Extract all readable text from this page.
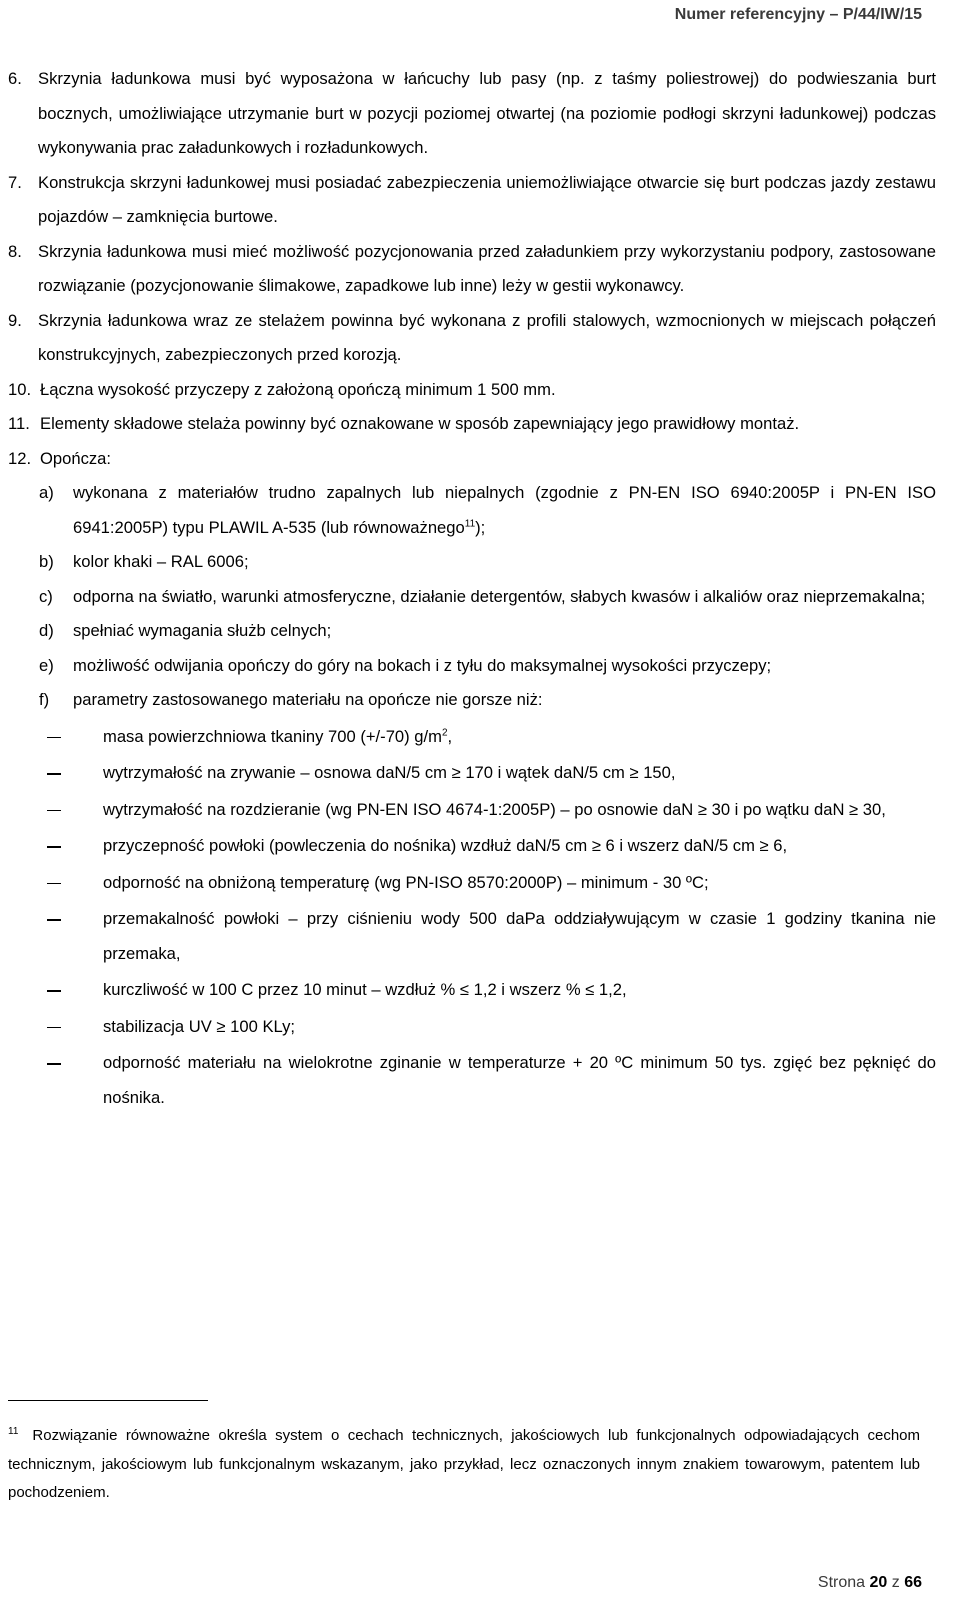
Numer referencyjny – P/44/IW/15
6. Skrzynia ładunkowa musi być wyposażona w łańcuchy lub pasy (np. z taśmy poliestrowej) do podwieszania burt bocznych, umożliwiające utrzymanie burt w pozycji poziomej otwartej (na poziomie podłogi skrzyni ładunkowej) podczas wykonywania prac załadunkowych i rozładunkowych.
7. Konstrukcja skrzyni ładunkowej musi posiadać zabezpieczenia uniemożliwiające otwarcie się burt podczas jazdy zestawu pojazdów – zamknięcia burtowe.
8. Skrzynia ładunkowa musi mieć możliwość pozycjonowania przed załadunkiem przy wykorzystaniu podpory, zastosowane rozwiązanie (pozycjonowanie ślimakowe, zapadkowe lub inne) leży w gestii wykonawcy.
9. Skrzynia ładunkowa wraz ze stelażem powinna być wykonana z profili stalowych, wzmocnionych w miejscach połączeń konstrukcyjnych, zabezpieczonych przed korozją.
10. Łączna wysokość przyczepy z założoną opończą minimum 1 500 mm.
11. Elementy składowe stelaża powinny być oznakowane w sposób zapewniający jego prawidłowy montaż.
12. Opończa:
a)	wykonana z materiałów trudno zapalnych lub niepalnych (zgodnie z PN-EN ISO 6940:2005P i PN-EN ISO 6941:2005P) typu PLAWIL A-535 (lub równoważnego$^{11}$);
b)	kolor khaki – RAL 6006;
c)	odporna na światło, warunki atmosferyczne, działanie detergentów, słabych kwasów i alkaliów oraz nieprzemakalna;
d)	spełniać wymagania służb celnych;
e)	możliwość odwijania opończy do góry na bokach i z tyłu do maksymalnej wysokości przyczepy;
f)	parametry zastosowanego materiału na opończe nie gorsze niż:
masa powierzchniowa tkaniny 700 (+/-70) $g/m^2$,
wytrzymałość na zrywanie – osnowa daN/5 cm ≥ 170 i wątek daN/5 cm ≥ 150,
wytrzymałość na rozdzieranie (wg PN-EN ISO 4674-1:2005P) – po osnowie daN ≥ 30 i po wątku daN ≥ 30,
przyczepność powłoki (powleczenia do nośnika) wzdłuż daN/5 cm ≥ 6 i wszerz daN/5 cm ≥ 6,
odporność na obniżoną temperaturę (wg PN-ISO 8570:2000P) – minimum - 30 ºC;
przemakalność powłoki – przy ciśnieniu wody 500 daPa oddziaływującym w czasie 1 godziny tkanina nie przemaka,
kurczliwość w 100 C przez 10 minut – wzdłuż % ≤ 1,2 i wszerz % ≤ 1,2,
stabilizacja UV ≥ 100 KLy;
odporność materiału na wielokrotne zginanie w temperaturze + 20 ºC minimum 50 tys. zgięć bez pęknięć do nośnika.
$^{11}$ Rozwiązanie równoważne określa system o cechach technicznych, jakościowych lub funkcjonalnych odpowiadających cechom technicznym, jakościowym lub funkcjonalnym wskazanym, jako przykład, lecz oznaczonych innym znakiem towarowym, patentem lub pochodzeniem.
Strona 20 z 66
